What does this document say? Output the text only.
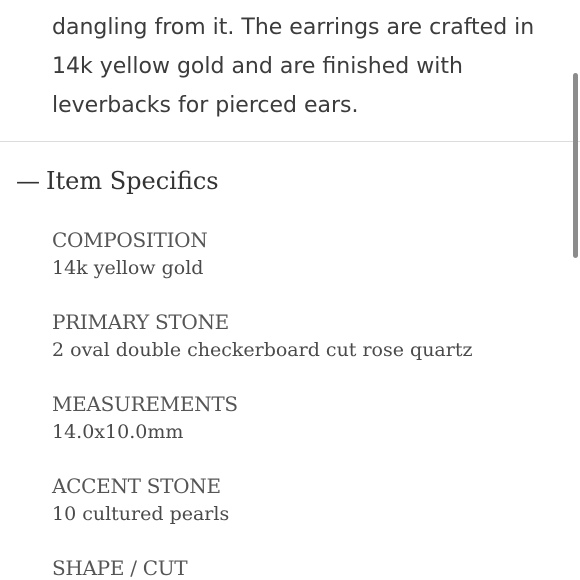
dangling from it. The earrings are crafted in
14k yellow gold and are finished with
leverbacks for pierced ears.
— Item Specifics
COMPOSITION
14k yellow gold
PRIMARY STONE
2 oval double checkerboard cut rose quartz
MEASUREMENTS
14.0x10.0mm
ACCENT STONE
10 cultured pearls
SHAPE / CUT
